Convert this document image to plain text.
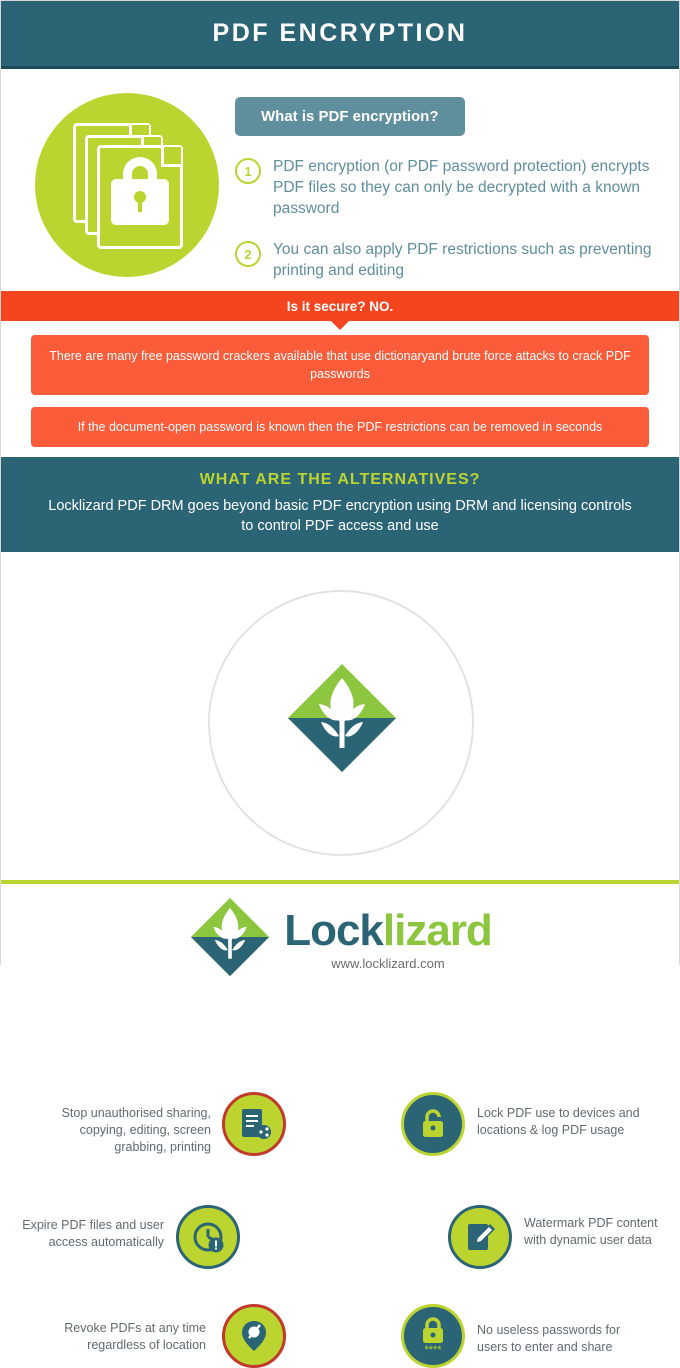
PDF ENCRYPTION
What is PDF encryption?
1	PDF encryption (or PDF password protection) encrypts PDF files so they can only be decrypted with a known password
2	You can also apply PDF restrictions such as preventing printing and editing
Is it secure? NO.
There are many free password crackers available that use dictionaryand brute force attacks to crack PDF passwords
If the document-open password is known then the PDF restrictions can be removed in seconds
WHAT ARE THE ALTERNATIVES?
Locklizard PDF DRM goes beyond basic PDF encryption using DRM and licensing controls to control PDF access and use
Stop unauthorised sharing, copying, editing, screen grabbing, printing
Lock PDF use to devices and locations & log PDF usage
Expire PDF files and user access automatically
Watermark PDF content with dynamic user data
Revoke PDFs at any time regardless of location	****
No useless passwords for users to enter and share
Locklizard
www.locklizard.com
